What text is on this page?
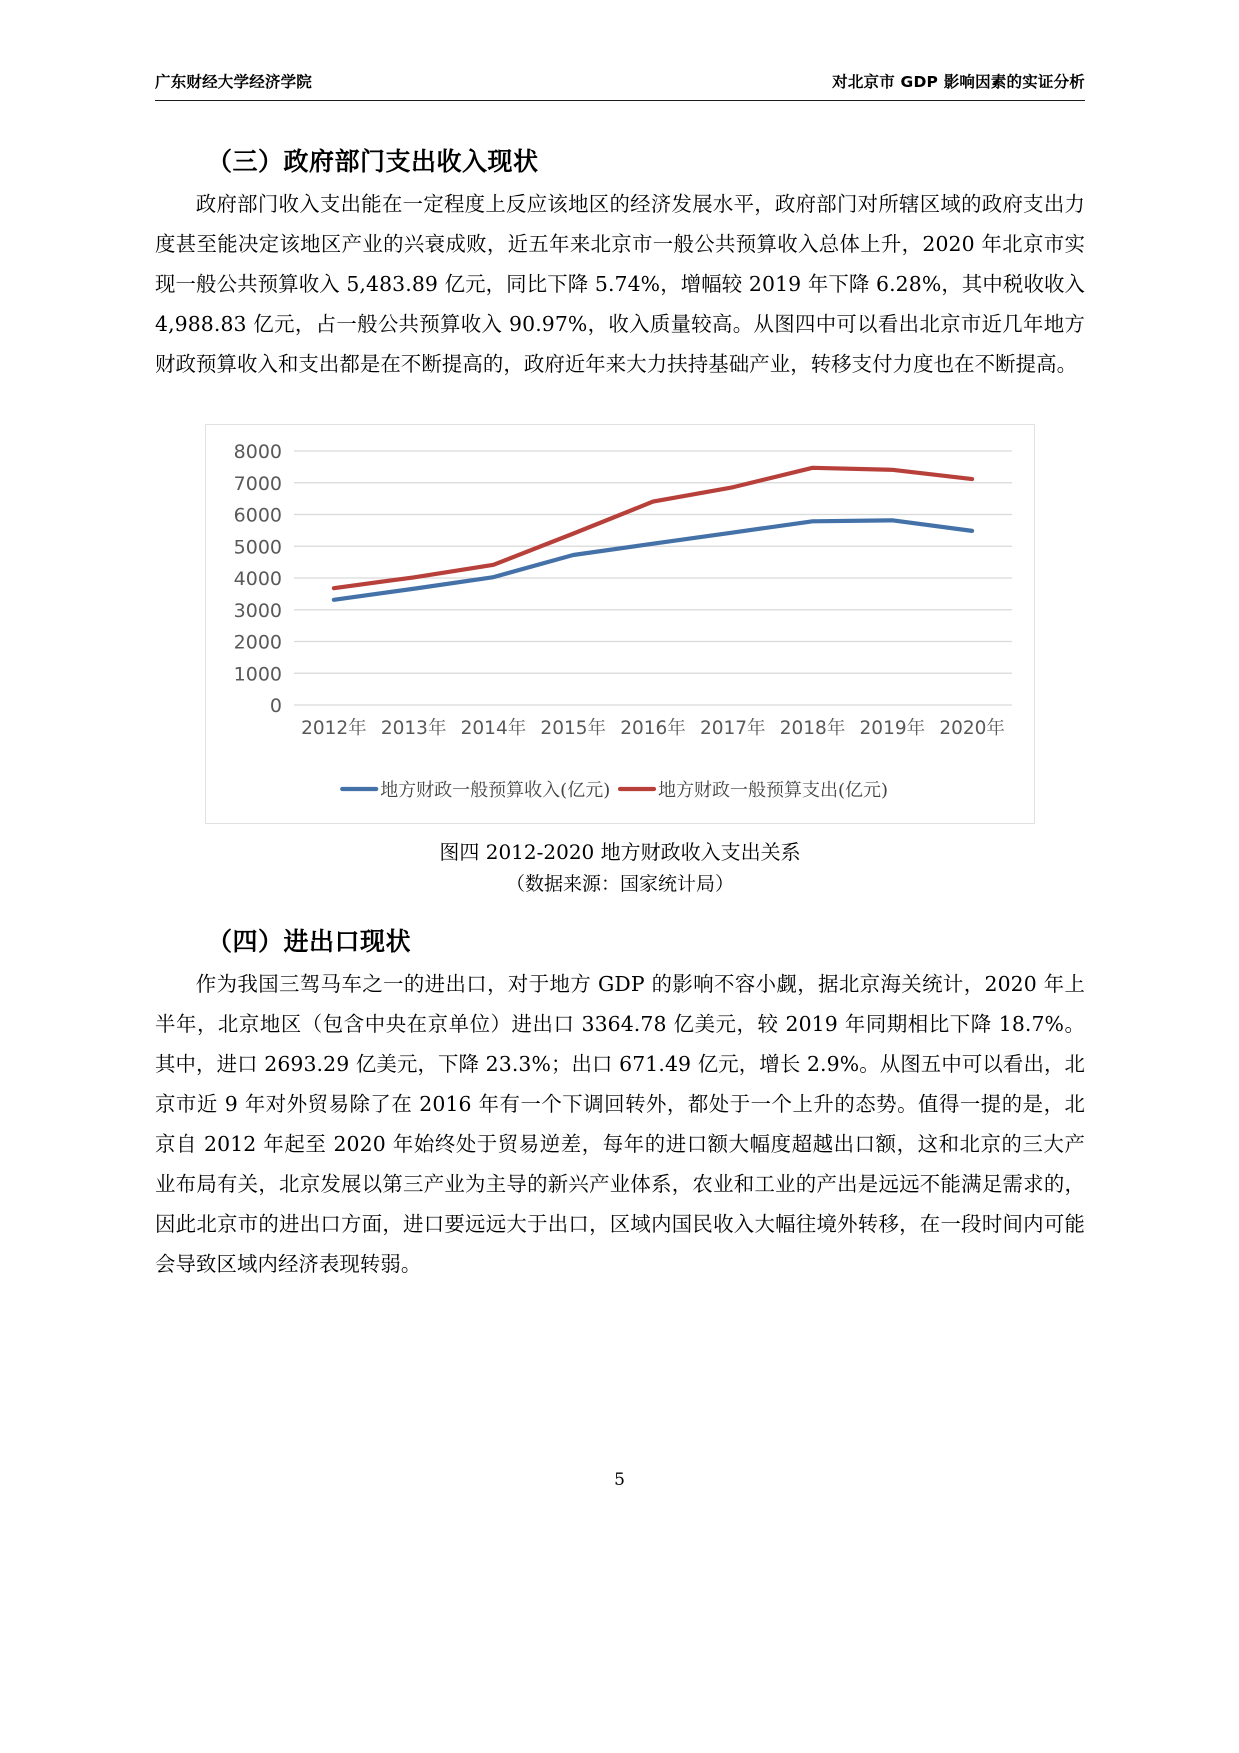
广东财经大学经济学院	对北京市 GDP 影响因素的实证分析
（三）政府部门支出收入现状

政府部门收入支出能在一定程度上反应该地区的经济发展水平，政府部门对所辖区域的政府支出力度甚至能决定该地区产业的兴衰成败，近五年来北京市一般公共预算收入总体上升，2020 年北京市实现一般公共预算收入 5,483.89 亿元，同比下降 5.74%，增幅较 2019 年下降 6.28%，其中税收收入 4,988.83 亿元，占一般公共预算收入 90.97%，收入质量较高。从图四中可以看出北京市近几年地方财政预算收入和支出都是在不断提高的，政府近年来大力扶持基础产业，转移支付力度也在不断提高。

0
1000
2000
3000
4000
5000
6000
7000
8000
2012年 2013年 2014年 2015年 2016年 2017年 2018年 2019年 2020年
地方财政一般预算收入(亿元)	地方财政一般预算支出(亿元)
图四 2012-2020 地方财政收入支出关系
（数据来源：国家统计局）
（四）进出口现状

作为我国三驾马车之一的进出口，对于地方 GDP 的影响不容小觑，据北京海关统计，2020 年上半年，北京地区（包含中央在京单位）进出口 3364.78 亿美元，较 2019 年同期相比下降 18.7%。其中，进口 2693.29 亿美元，下降 23.3%；出口 671.49 亿元，增长 2.9%。从图五中可以看出，北京市近 9 年对外贸易除了在 2016 年有一个下调回转外，都处于一个上升的态势。值得一提的是，北京自 2012 年起至 2020 年始终处于贸易逆差，每年的进口额大幅度超越出口额，这和北京的三大产业布局有关，北京发展以第三产业为主导的新兴产业体系，农业和工业的产出是远远不能满足需求的，因此北京市的进出口方面，进口要远远大于出口，区域内国民收入大幅往境外转移，在一段时间内可能会导致区域内经济表现转弱。

5
